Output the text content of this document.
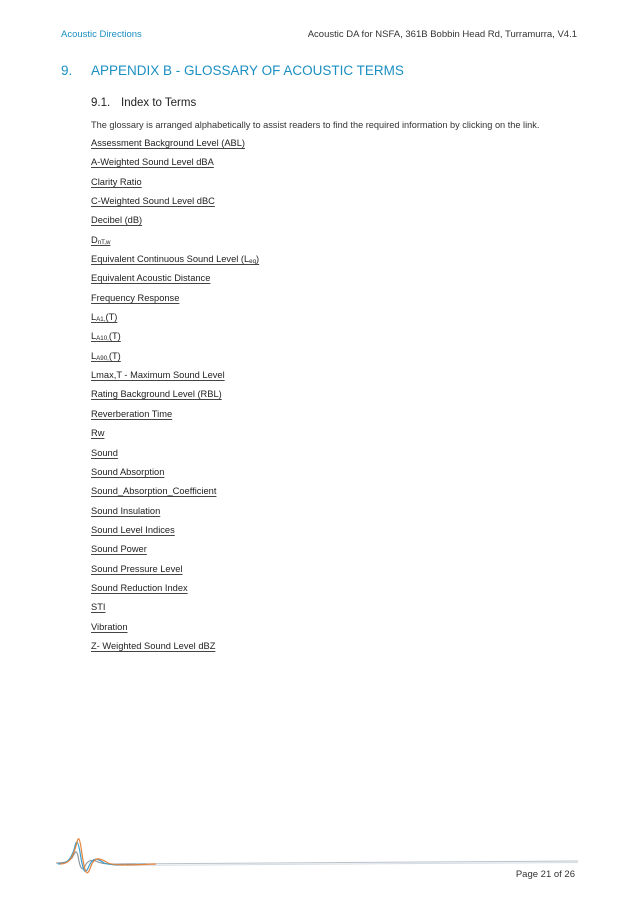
Acoustic Directions	Acoustic DA for NSFA, 361B Bobbin Head Rd, Turramurra, V4.1
9. APPENDIX B - GLOSSARY OF ACOUSTIC TERMS
9.1. Index to Terms
The glossary is arranged alphabetically to assist readers to find the required information by clicking on the link.
Assessment Background Level (ABL)
A-Weighted Sound Level dBA
Clarity Ratio
C-Weighted Sound Level dBC
Decibel (dB)
$D_{nT,w}$
Equivalent Continuous Sound Level $(L_{eq})$
Equivalent Acoustic Distance
Frequency Response
$L_{A1,}(T)$
$L_{A10,}(T)$
$L_{A90,}(T)$
Lmax,T - Maximum Sound Level
Rating Background Level (RBL)
Reverberation Time
Rw
Sound
Sound Absorption
Sound_Absorption_Coefficient
Sound Insulation
Sound Level Indices
Sound Power
Sound Pressure Level
Sound Reduction Index
STI
Vibration
Z- Weighted Sound Level dBZ
Page 21 of 26
